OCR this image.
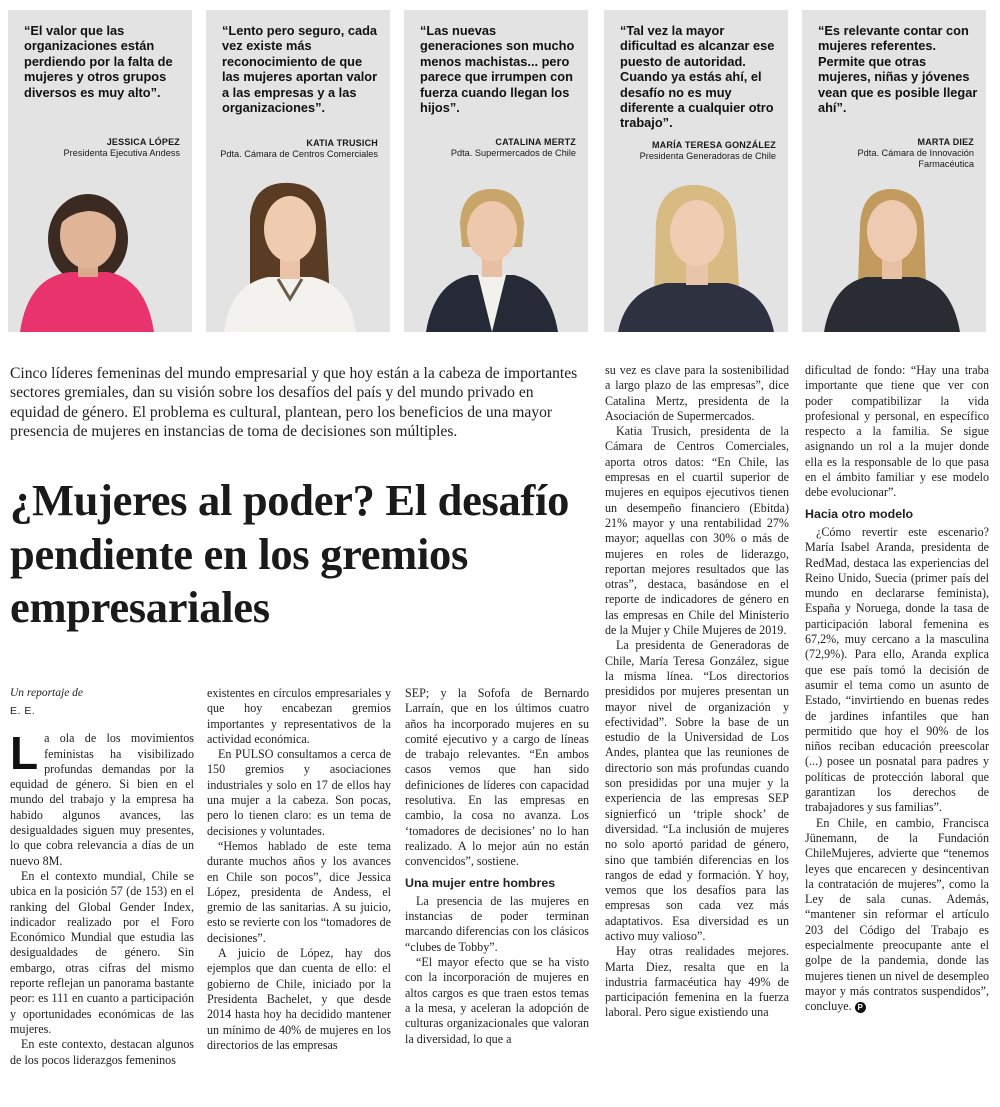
“El valor que las organizaciones están perdiendo por la falta de mujeres y otros grupos diversos es muy alto”.
JESSICA LÓPEZ
Presidenta Ejecutiva Andess
“Lento pero seguro, cada vez existe más reconocimiento de que las mujeres aportan valor a las empresas y a las organizaciones”.
KATIA TRUSICH
Pdta. Cámara de Centros Comerciales
“Las nuevas generaciones son mucho menos machistas... pero parece que irrumpen con fuerza cuando llegan los hijos”.
CATALINA MERTZ
Pdta. Supermercados de Chile
“Tal vez la mayor dificultad es alcanzar ese puesto de autoridad. Cuando ya estás ahí, el desafío no es muy diferente a cualquier otro trabajo”.
MARÍA TERESA GONZÁLEZ
Presidenta Generadoras de Chile
“Es relevante contar con mujeres referentes. Permite que otras mujeres, niñas y jóvenes vean que es posible llegar ahí”.
MARTA DIEZ
Pdta. Cámara de Innovación Farmacéutica
Cinco líderes femeninas del mundo empresarial y que hoy están a la cabeza de importantes sectores gremiales, dan su visión sobre los desafíos del país y del mundo privado en equidad de género. El problema es cultural, plantean, pero los beneficios de una mayor presencia de mujeres en instancias de toma de decisiones son múltiples.
¿Mujeres al poder? El desafío pendiente en los gremios empresariales
Un reportaje de
E. E.

La ola de los movimientos feministas ha visibilizado profundas demandas por la equidad de género. Si bien en el mundo del trabajo y la empresa ha habido algunos avances, las desigualdades siguen muy presentes, lo que cobra relevancia a días de un nuevo 8M.

En el contexto mundial, Chile se ubica en la posición 57 (de 153) en el ranking del Global Gender Index, indicador realizado por el Foro Económico Mundial que estudia las desigualdades de género. Sin embargo, otras cifras del mismo reporte reflejan un panorama bastante peor: es 111 en cuanto a participación y oportunidades económicas de las mujeres.

En este contexto, destacan algunos de los pocos liderazgos femeninos

existentes en círculos empresariales y que hoy encabezan gremios importantes y representativos de la actividad económica.

En PULSO consultamos a cerca de 150 gremios y asociaciones industriales y solo en 17 de ellos hay una mujer a la cabeza. Son pocas, pero lo tienen claro: es un tema de decisiones y voluntades.

“Hemos hablado de este tema durante muchos años y los avances en Chile son pocos”, dice Jessica López, presidenta de Andess, el gremio de las sanitarias. A su juicio, esto se revierte con los “tomadores de decisiones”.

A juicio de López, hay dos ejemplos que dan cuenta de ello: el gobierno de Chile, iniciado por la Presidenta Bachelet, y que desde 2014 hasta hoy ha decidido mantener un mínimo de 40% de mujeres en los directorios de las empresas

SEP; y la Sofofa de Bernardo Larraín, que en los últimos cuatro años ha incorporado mujeres en su comité ejecutivo y a cargo de líneas de trabajo relevantes. “En ambos casos vemos que han sido definiciones de líderes con capacidad resolutiva. En las empresas en cambio, la cosa no avanza. Los ‘tomadores de decisiones’ no lo han realizado. A lo mejor aún no están convencidos”, sostiene.

Una mujer entre hombres

La presencia de las mujeres en instancias de poder terminan marcando diferencias con los clásicos “clubes de Tobby”.

“El mayor efecto que se ha visto con la incorporación de mujeres en altos cargos es que traen estos temas a la mesa, y aceleran la adopción de culturas organizacionales que valoran la diversidad, lo que a

su vez es clave para la sostenibilidad a largo plazo de las empresas”, dice Catalina Mertz, presidenta de la Asociación de Supermercados.

Katia Trusich, presidenta de la Cámara de Centros Comerciales, aporta otros datos: “En Chile, las empresas en el cuartil superior de mujeres en equipos ejecutivos tienen un desempeño financiero (Ebitda) 21% mayor y una rentabilidad 27% mayor; aquellas con 30% o más de mujeres en roles de liderazgo, reportan mejores resultados que las otras”, destaca, basándose en el reporte de indicadores de género en las empresas en Chile del Ministerio de la Mujer y Chile Mujeres de 2019.

La presidenta de Generadoras de Chile, María Teresa González, sigue la misma línea. “Los directorios presididos por mujeres presentan un mayor nivel de organización y efectividad”. Sobre la base de un estudio de la Universidad de Los Andes, plantea que las reuniones de directorio son más profundas cuando son presididas por una mujer y la experiencia de las empresas SEP signierficó un ‘triple shock’ de diversidad. “La inclusión de mujeres no solo aportó paridad de género, sino que también diferencias en los rangos de edad y formación. Y hoy, vemos que los desafíos para las empresas son cada vez más adaptativos. Esa diversidad es un activo muy valioso”.

Hay otras realidades mejores. Marta Diez, resalta que en la industria farmacéutica hay 49% de participación femenina en la fuerza laboral. Pero sigue existiendo una

dificultad de fondo: “Hay una traba importante que tiene que ver con poder compatibilizar la vida profesional y personal, en específico respecto a la familia. Se sigue asignando un rol a la mujer donde ella es la responsable de lo que pasa en el ámbito familiar y ese modelo debe evolucionar”.

Hacia otro modelo

¿Cómo revertir este escenario? María Isabel Aranda, presidenta de RedMad, destaca las experiencias del Reino Unido, Suecia (primer país del mundo en declararse feminista), España y Noruega, donde la tasa de participación laboral femenina es 67,2%, muy cercano a la masculina (72,9%). Para ello, Aranda explica que ese país tomó la decisión de asumir el tema como un asunto de Estado, “invirtiendo en buenas redes de jardines infantiles que han permitido que hoy el 90% de los niños reciban educación preescolar (...) posee un posnatal para padres y políticas de protección laboral que garantizan los derechos de trabajadores y sus familias”.

En Chile, en cambio, Francisca Jünemann, de la Fundación ChileMujeres, advierte que “tenemos leyes que encarecen y desincentivan la contratación de mujeres”, como la Ley de sala cunas. Además, “mantener sin reformar el artículo 203 del Código del Trabajo es especialmente preocupante ante el golpe de la pandemia, donde las mujeres tienen un nivel de desempleo mayor y más contratos suspendidos”, concluye. P
